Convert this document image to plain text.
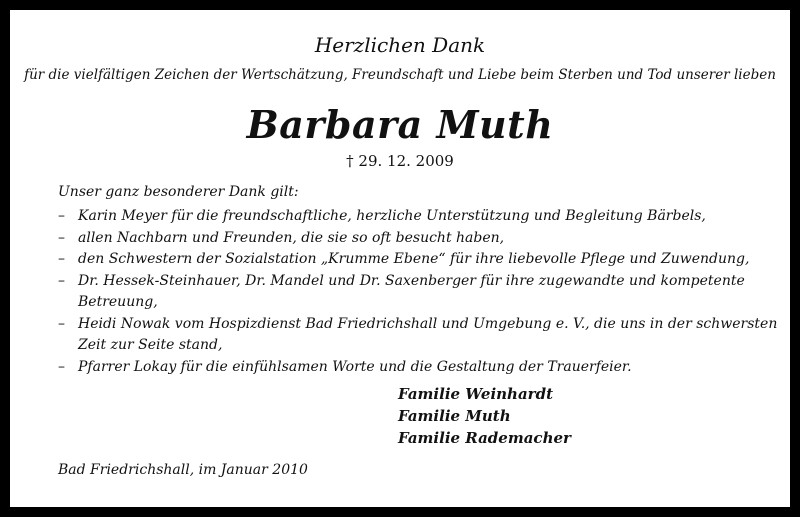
Herzlichen Dank
für die vielfältigen Zeichen der Wertschätzung, Freundschaft und Liebe beim Sterben und Tod unserer lieben
Barbara Muth
† 29. 12. 2009
Unser ganz besonderer Dank gilt:
– Karin Meyer für die freundschaftliche, herzliche Unterstützung und Begleitung Bärbels,
– allen Nachbarn und Freunden, die sie so oft besucht haben,
– den Schwestern der Sozialstation „Krumme Ebene“ für ihre liebevolle Pflege und Zuwendung,
– Dr. Hessek-Steinhauer, Dr. Mandel und Dr. Saxenberger für ihre zugewandte und kompetente
Betreuung,
– Heidi Nowak vom Hospizdienst Bad Friedrichshall und Umgebung e. V., die uns in der schwersten
Zeit zur Seite stand,
– Pfarrer Lokay für die einfühlsamen Worte und die Gestaltung der Trauerfeier.
Familie Weinhardt
Familie Muth
Familie Rademacher
Bad Friedrichshall, im Januar 2010
